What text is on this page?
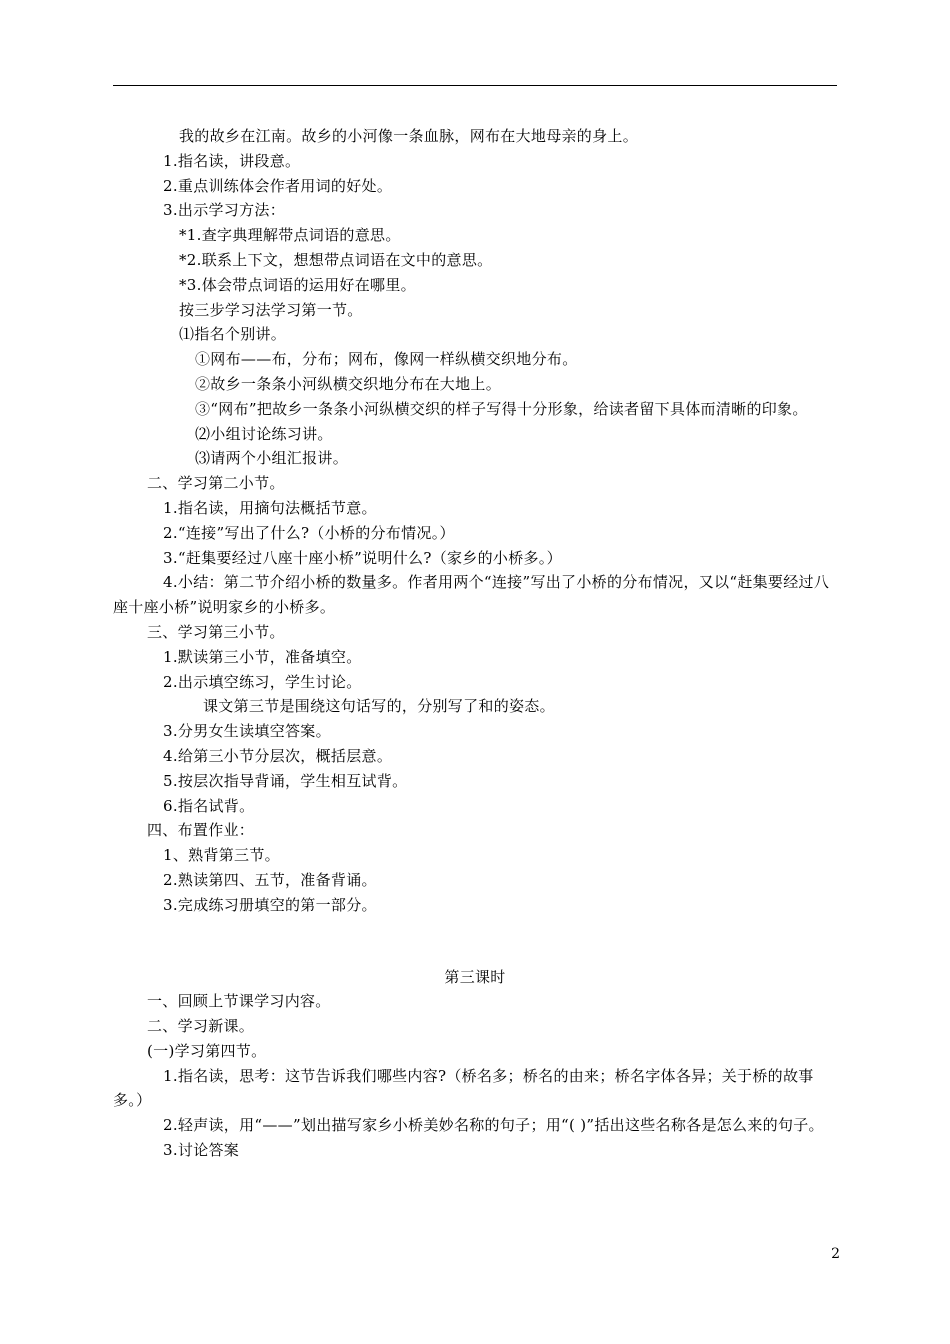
我的故乡在江南。故乡的小河像一条血脉，网布在大地母亲的身上。
1.指名读，讲段意。
2.重点训练体会作者用词的好处。
3.出示学习方法：
*1.查字典理解带点词语的意思。
*2.联系上下文，想想带点词语在文中的意思。
*3.体会带点词语的运用好在哪里。
按三步学习法学习第一节。
⑴指名个别讲。
①网布——布，分布；网布，像网一样纵横交织地分布。
②故乡一条条小河纵横交织地分布在大地上。
③“网布”把故乡一条条小河纵横交织的样子写得十分形象，给读者留下具体而清晰的印象。
⑵小组讨论练习讲。
⑶请两个小组汇报讲。
二、学习第二小节。
1.指名读，用摘句法概括节意。
2.“连接”写出了什么?（小桥的分布情况。）
3.“赶集要经过八座十座小桥”说明什么?（家乡的小桥多。）
4.小结：第二节介绍小桥的数量多。作者用两个“连接”写出了小桥的分布情况，又以“赶集要经过八座十座小桥”说明家乡的小桥多。
三、学习第三小节。
1.默读第三小节，准备填空。
2.出示填空练习，学生讨论。
课文第三节是围绕这句话写的，分别写了和的姿态。
3.分男女生读填空答案。
4.给第三小节分层次，概括层意。
5.按层次指导背诵，学生相互试背。
6.指名试背。
四、布置作业：
1、熟背第三节。
2.熟读第四、五节，准备背诵。
3.完成练习册填空的第一部分。
第三课时
一、回顾上节课学习内容。
二、学习新课。
(一)学习第四节。
1.指名读，思考：这节告诉我们哪些内容?（桥名多；桥名的由来；桥名字体各异；关于桥的故事多。）
2.轻声读，用“——”划出描写家乡小桥美妙名称的句子；用“( )”括出这些名称各是怎么来的句子。
3.讨论答案
2
